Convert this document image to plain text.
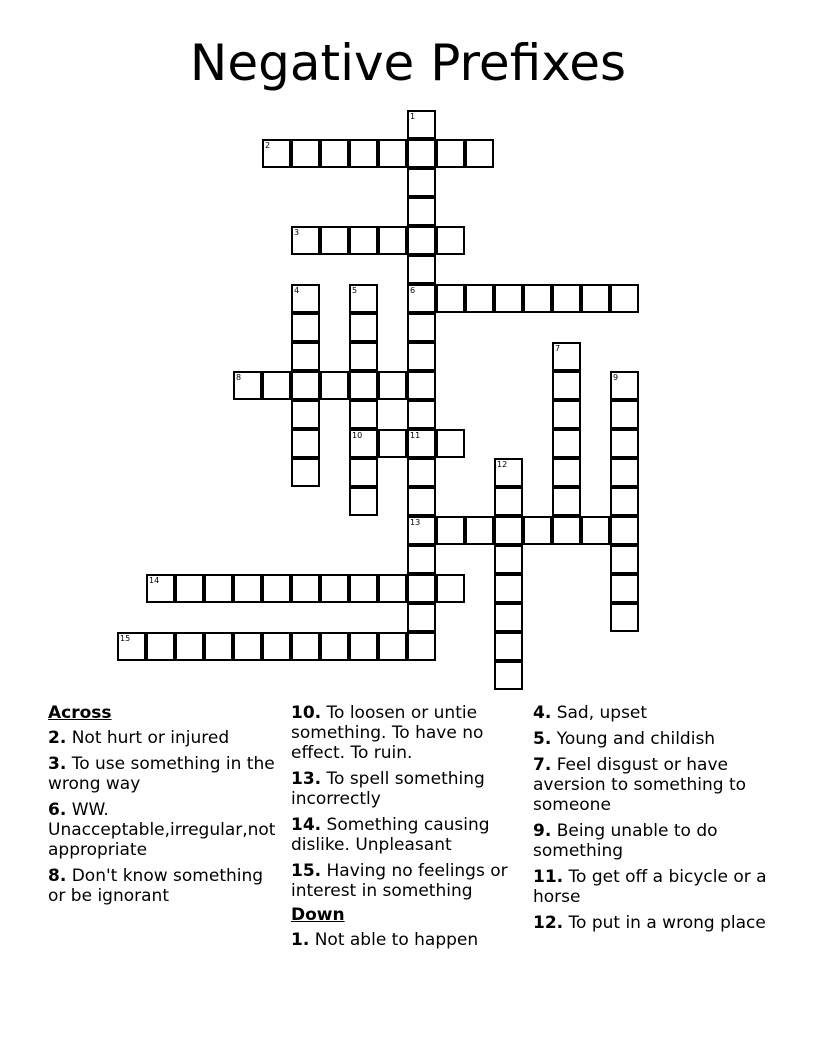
Negative Prefixes
1
6
11
2
3
4	5
10
7
8	9
13
12
14
15
Across
2. Not hurt or injured
3. To use something in the wrong way
6. WW. Unacceptable,irregular,not appropriate
8. Don't know something or be ignorant
10. To loosen or untie something. To have no effect. To ruin.
13. To spell something incorrectly
14. Something causing dislike. Unpleasant
15. Having no feelings or interest in something
Down
1. Not able to happen
4. Sad, upset
5. Young and childish
7. Feel disgust or have aversion to something to someone
9. Being unable to do something
11. To get off a bicycle or a horse
12. To put in a wrong place
